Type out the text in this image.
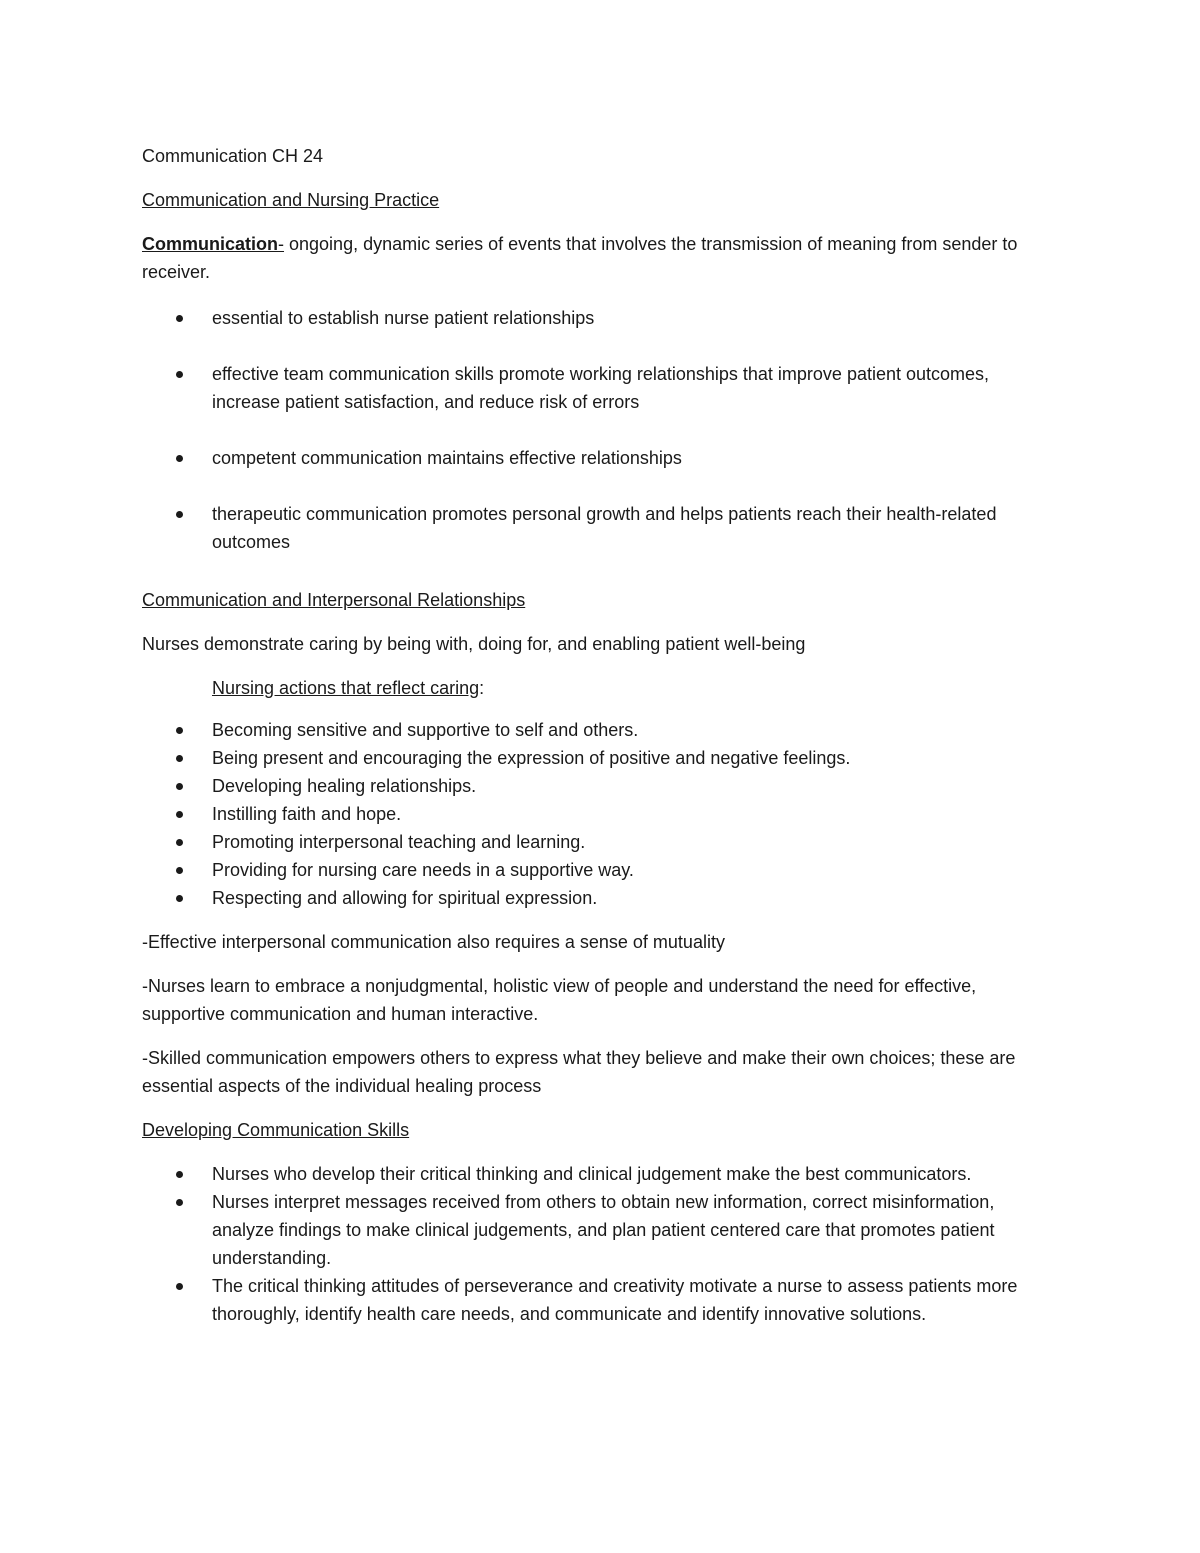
Communication CH 24

Communication and Nursing Practice

Communication- ongoing, dynamic series of events that involves the transmission of meaning from sender to receiver.

essential to establish nurse patient relationships
effective team communication skills promote working relationships that improve patient outcomes, increase patient satisfaction, and reduce risk of errors
competent communication maintains effective relationships
therapeutic communication promotes personal growth and helps patients reach their health-related outcomes

Communication and Interpersonal Relationships

Nurses demonstrate caring by being with, doing for, and enabling patient well-being

Nursing actions that reflect caring:

Becoming sensitive and supportive to self and others.
Being present and encouraging the expression of positive and negative feelings.
Developing healing relationships.
Instilling faith and hope.
Promoting interpersonal teaching and learning.
Providing for nursing care needs in a supportive way.
Respecting and allowing for spiritual expression.

-Effective interpersonal communication also requires a sense of mutuality

-Nurses learn to embrace a nonjudgmental, holistic view of people and understand the need for effective, supportive communication and human interactive.

-Skilled communication empowers others to express what they believe and make their own choices; these are essential aspects of the individual healing process

Developing Communication Skills

Nurses who develop their critical thinking and clinical judgement make the best communicators.
Nurses interpret messages received from others to obtain new information, correct misinformation, analyze findings to make clinical judgements, and plan patient centered care that promotes patient understanding.
The critical thinking attitudes of perseverance and creativity motivate a nurse to assess patients more thoroughly, identify health care needs, and communicate and identify innovative solutions.
